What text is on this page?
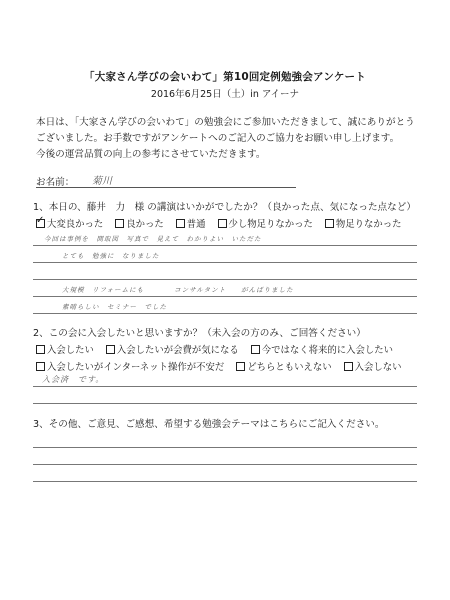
「大家さん学びの会いわて」第10回定例勉強会アンケート
2016年6月25日（土）in アイーナ
本日は、「大家さん学びの会いわて」の勉強会にご参加いただきまして、誠にありがとう
ございました。お手数ですがアンケートへのご記入のご協力をお願い申し上げます。
今後の運営品質の向上の参考にさせていただきます。
お名前： 菊川
1、本日の、藤井　力　様 の講演はいかがでしたか？（良かった点、気になった点など）
✓大変良かった 良かった 普通 少し物足りなかった 物足りなかった
今回は事例を　間取図　写真で　見えて　わかりよい　いただた
とても　勉強に　なりました
大規模　リフォームにも　　　　コンサルタント　　がんばりました
素晴らしい　セミナー　でした
2、この会に入会したいと思いますか？（未入会の方のみ、ご回答ください）
入会したい 入会したいが会費が気になる 今ではなく将来的に入会したい
入会したいがインターネット操作が不安だ どちらともいえない 入会しない
入会済　です。
3、その他、ご意見、ご感想、希望する勉強会テーマはこちらにご記入ください。
